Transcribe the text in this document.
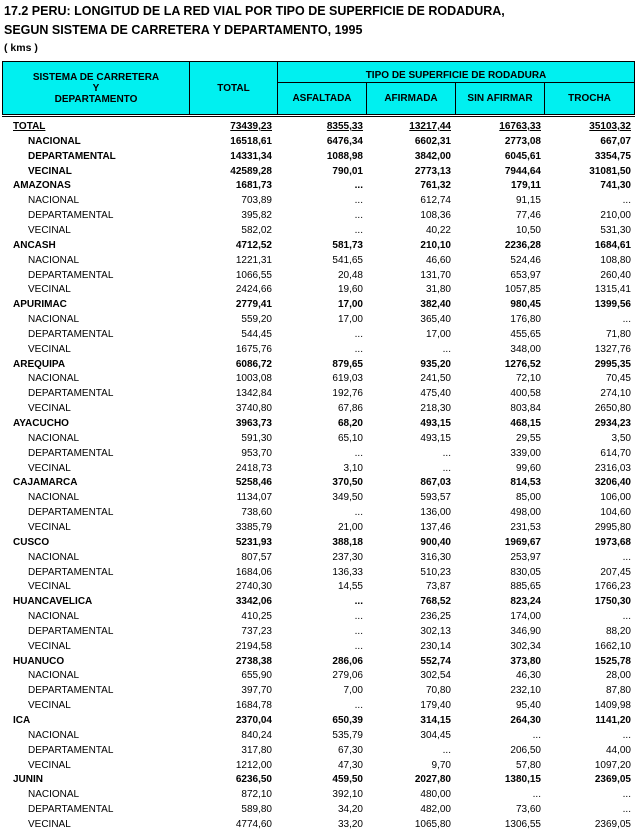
17.2 PERU: LONGITUD DE LA RED VIAL POR TIPO DE SUPERFICIE DE RODADURA,
SEGUN SISTEMA DE CARRETERA Y DEPARTAMENTO, 1995
( kms )
SISTEMA DE CARRETERA
Y
DEPARTAMENTO
TOTAL
TIPO DE SUPERFICIE DE RODADURA
ASFALTADA	AFIRMADA	SIN AFIRMAR	TROCHA
TOTAL	73439,23	8355,33	13217,44	16763,33	35103,32
NACIONAL	16518,61	6476,34	6602,31	2773,08	667,07
DEPARTAMENTAL	14331,34	1088,98	3842,00	6045,61	3354,75
VECINAL	42589,28	790,01	2773,13	7944,64	31081,50
AMAZONAS	1681,73	...	761,32	179,11	741,30
NACIONAL	703,89	...	612,74	91,15	...
DEPARTAMENTAL	395,82	...	108,36	77,46	210,00
VECINAL	582,02	...	40,22	10,50	531,30
ANCASH	4712,52	581,73	210,10	2236,28	1684,61
NACIONAL	1221,31	541,65	46,60	524,46	108,80
DEPARTAMENTAL	1066,55	20,48	131,70	653,97	260,40
VECINAL	2424,66	19,60	31,80	1057,85	1315,41
APURIMAC	2779,41	17,00	382,40	980,45	1399,56
NACIONAL	559,20	17,00	365,40	176,80	...
DEPARTAMENTAL	544,45	...	17,00	455,65	71,80
VECINAL	1675,76	...	...	348,00	1327,76
AREQUIPA	6086,72	879,65	935,20	1276,52	2995,35
NACIONAL	1003,08	619,03	241,50	72,10	70,45
DEPARTAMENTAL	1342,84	192,76	475,40	400,58	274,10
VECINAL	3740,80	67,86	218,30	803,84	2650,80
AYACUCHO	3963,73	68,20	493,15	468,15	2934,23
NACIONAL	591,30	65,10	493,15	29,55	3,50
DEPARTAMENTAL	953,70	...	...	339,00	614,70
VECINAL	2418,73	3,10	...	99,60	2316,03
CAJAMARCA	5258,46	370,50	867,03	814,53	3206,40
NACIONAL	1134,07	349,50	593,57	85,00	106,00
DEPARTAMENTAL	738,60	...	136,00	498,00	104,60
VECINAL	3385,79	21,00	137,46	231,53	2995,80
CUSCO	5231,93	388,18	900,40	1969,67	1973,68
NACIONAL	807,57	237,30	316,30	253,97	...
DEPARTAMENTAL	1684,06	136,33	510,23	830,05	207,45
VECINAL	2740,30	14,55	73,87	885,65	1766,23
HUANCAVELICA	3342,06	...	768,52	823,24	1750,30
NACIONAL	410,25	...	236,25	174,00	...
DEPARTAMENTAL	737,23	...	302,13	346,90	88,20
VECINAL	2194,58	...	230,14	302,34	1662,10
HUANUCO	2738,38	286,06	552,74	373,80	1525,78
NACIONAL	655,90	279,06	302,54	46,30	28,00
DEPARTAMENTAL	397,70	7,00	70,80	232,10	87,80
VECINAL	1684,78	...	179,40	95,40	1409,98
ICA	2370,04	650,39	314,15	264,30	1141,20
NACIONAL	840,24	535,79	304,45	...	...
DEPARTAMENTAL	317,80	67,30	...	206,50	44,00
VECINAL	1212,00	47,30	9,70	57,80	1097,20
JUNIN	6236,50	459,50	2027,80	1380,15	2369,05
NACIONAL	872,10	392,10	480,00	...	...
DEPARTAMENTAL	589,80	34,20	482,00	73,60	...
VECINAL	4774,60	33,20	1065,80	1306,55	2369,05
